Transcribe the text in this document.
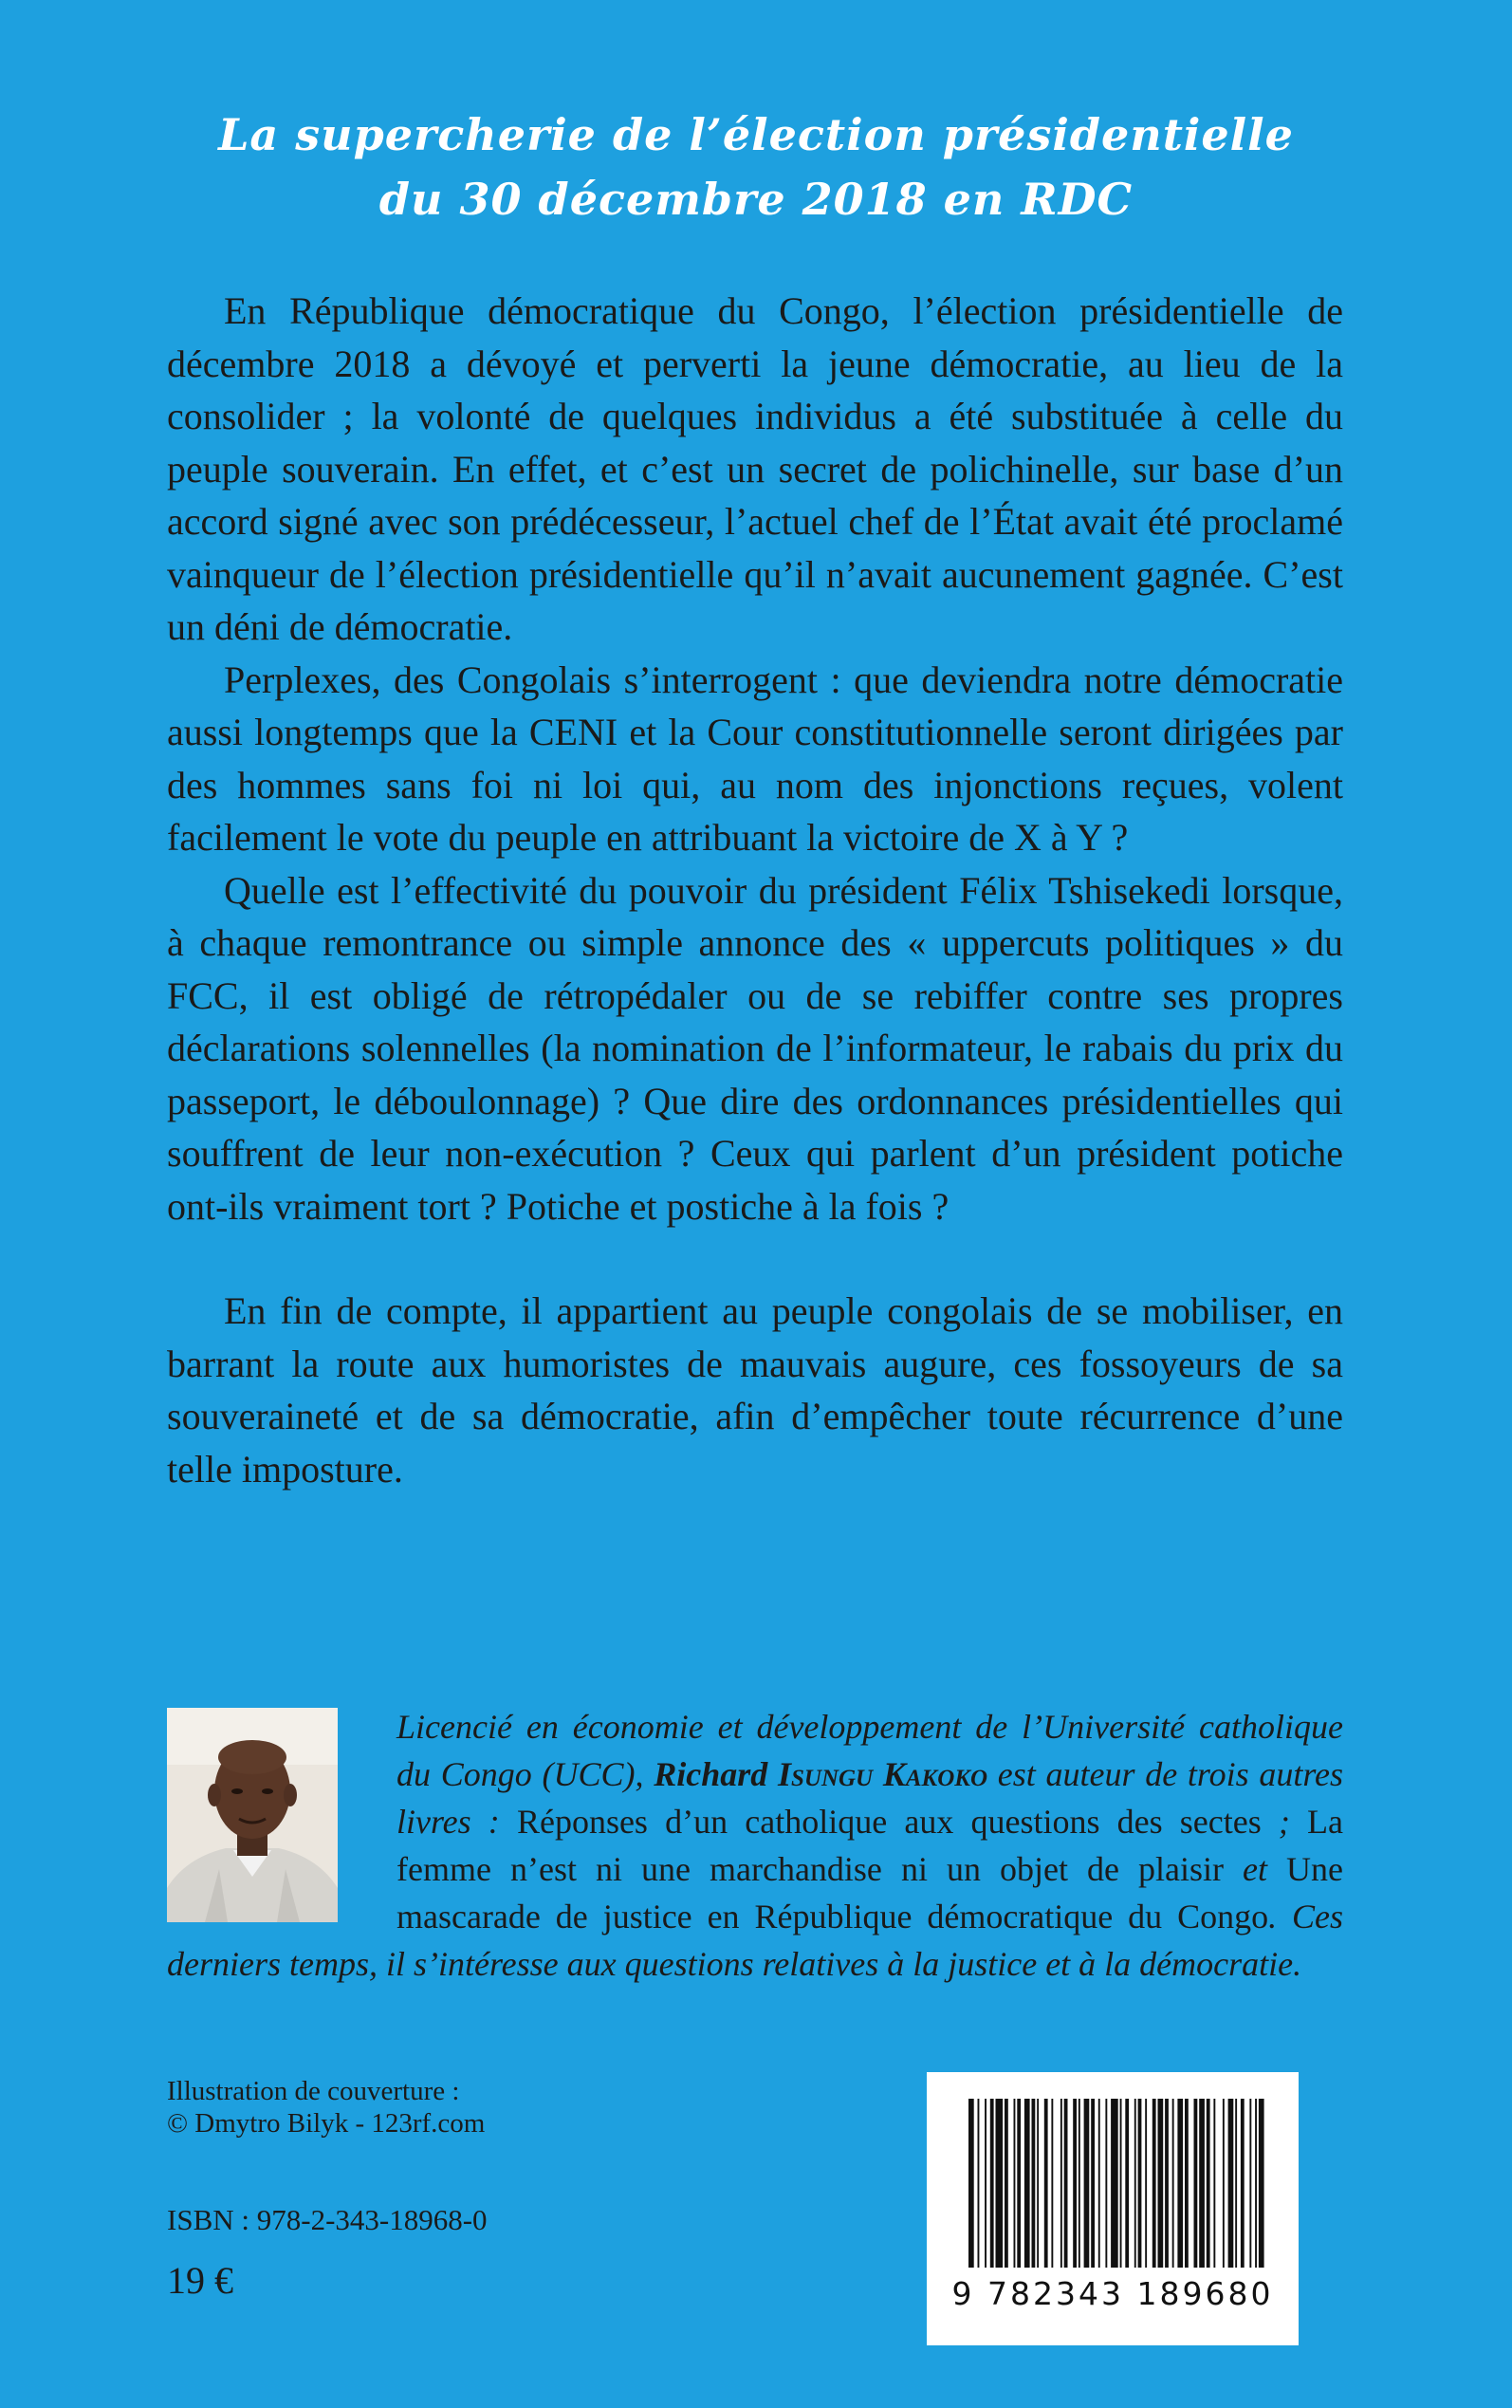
La supercherie de l’élection présidentielle
du 30 décembre 2018 en RDC

En République démocratique du Congo, l’élection présidentielle de décembre 2018 a dévoyé et perverti la jeune démocratie, au lieu de la consolider ; la volonté de quelques individus a été substituée à celle du peuple souverain. En effet, et c’est un secret de polichinelle, sur base d’un accord signé avec son prédécesseur, l’actuel chef de l’État avait été proclamé vainqueur de l’élection présidentielle qu’il n’avait aucunement gagnée. C’est un déni de démocratie.

Perplexes, des Congolais s’interrogent : que deviendra notre démocratie aussi longtemps que la CENI et la Cour constitutionnelle seront dirigées par des hommes sans foi ni loi qui, au nom des injonctions reçues, volent facilement le vote du peuple en attribuant la victoire de X à Y ?

Quelle est l’effectivité du pouvoir du président Félix Tshisekedi lorsque, à chaque remontrance ou simple annonce des « uppercuts politiques » du FCC, il est obligé de rétropédaler ou de se rebiffer contre ses propres déclarations solennelles (la nomination de l’informateur, le rabais du prix du passeport, le déboulonnage) ? Que dire des ordonnances présidentielles qui souffrent de leur non-exécution ? Ceux qui parlent d’un président potiche ont-ils vraiment tort ? Potiche et postiche à la fois ?

En fin de compte, il appartient au peuple congolais de se mobiliser, en barrant la route aux humoristes de mauvais augure, ces fossoyeurs de sa souveraineté et de sa démocratie, afin d’empêcher toute récurrence d’une telle imposture.

Licencié en économie et développement de l’Université catholique du Congo (UCC), Richard Isungu Kakoko est auteur de trois autres livres : Réponses d’un catholique aux questions des sectes ; La femme n’est ni une marchandise ni un objet de plaisir et Une mascarade de justice en République démocratique du Congo. Ces derniers temps, il s’intéresse aux questions relatives à la justice et à la démocratie.
Illustration de couverture :
© Dmytro Bilyk - 123rf.com
ISBN : 978-2-343-18968-0
19 €	9 782343 189680
